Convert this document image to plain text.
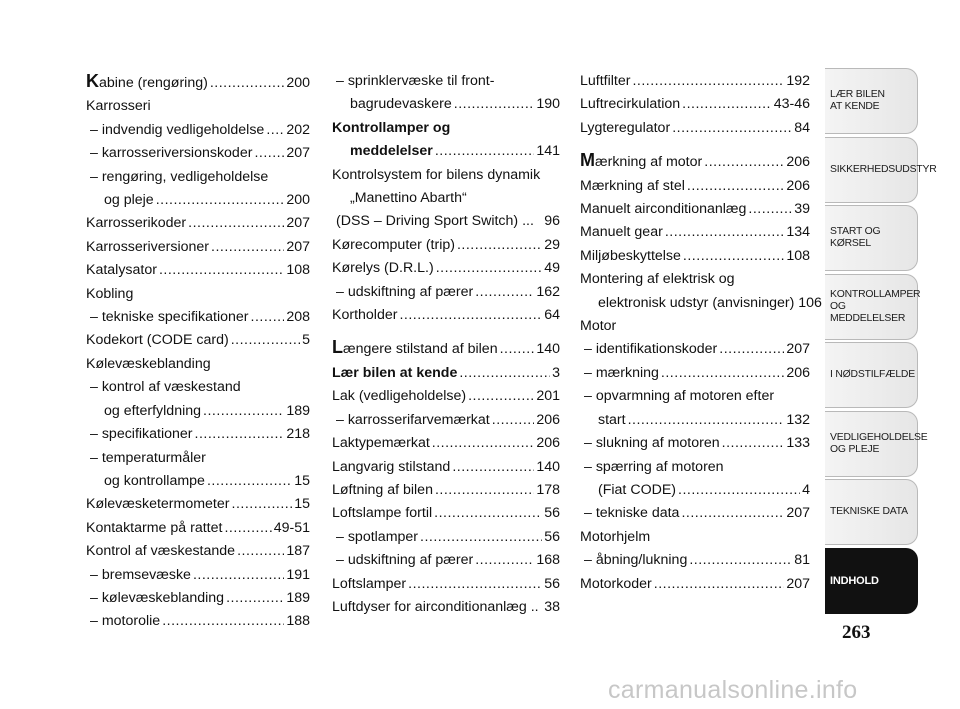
Kabine (rengøring) .....	200
Karrosseri
– indvendig vedligeholdelse ..... 202
– karrosseriversionskoder ..... 207
– rengøring, vedligeholdelse
og pleje .....	200
Karrosserikoder .....	207
Karrosseriversioner .....	207
Katalysator .....	108
Kobling
– tekniske specifikationer .....	208
Kodekort (CODE card) .....	5
Kølevæskeblanding
– kontrol af væskestand
og efterfyldning .....	189
– specifikationer .....	218
– temperaturmåler
og kontrollampe .....	15
Kølevæsketermometer .....	15
Kontaktarme på rattet .....	49-51
Kontrol af væskestande .....	187
– bremsevæske .....	191
– kølevæskeblanding .....	189
– motorolie .....	188
– sprinklervæske til front-
bagrudevaskere .....	190
Kontrollamper og
meddelelser .....	141
Kontrolsystem for bilens dynamik
„Manettino Abarth“
(DSS – Driving Sport Switch) ... 96
Kørecomputer (trip) .....	29
Kørelys (D.R.L.) .....	49
– udskiftning af pærer .....	162
Kortholder .....	64
Længere stilstand af bilen .....	140
Lær bilen at kende .....	3
Lak (vedligeholdelse) .....	201
– karrosserifarvemærkat .....	206
Laktypemærkat .....	206
Langvarig stilstand .....	140
Løftning af bilen .....	178
Loftslampe fortil .....	56
– spotlamper .....	56
– udskiftning af pærer .....	168
Loftslamper .....	56
Luftdyser for airconditionanlæg .. 38
Luftfilter .....	192
Luftrecirkulation .....	43-46
Lygteregulator .....	84
Mærkning af motor .....	206
Mærkning af stel .....	206
Manuelt airconditionanlæg .....	39
Manuelt gear .....	134
Miljøbeskyttelse .....	108
Montering af elektrisk og
elektronisk udstyr (anvisninger) 106
Motor
– identifikationskoder .....	207
– mærkning .....	206
– opvarmning af motoren efter
start .....	132
– slukning af motoren .....	133
– spærring af motoren
(Fiat CODE) .....	4
– tekniske data .....	207
Motorhjelm
– åbning/lukning .....	81
Motorkoder .....	207
LÆR BILEN
AT KENDE
SIKKERHEDSUDSTYR
START OG KØRSEL
KONTROLLAMPER
OG MEDDELELSER
I NØDSTILFÆLDE
VEDLIGEHOLDELSE
OG PLEJE
TEKNISKE DATA
INDHOLD
263
carmanualsonline.info
